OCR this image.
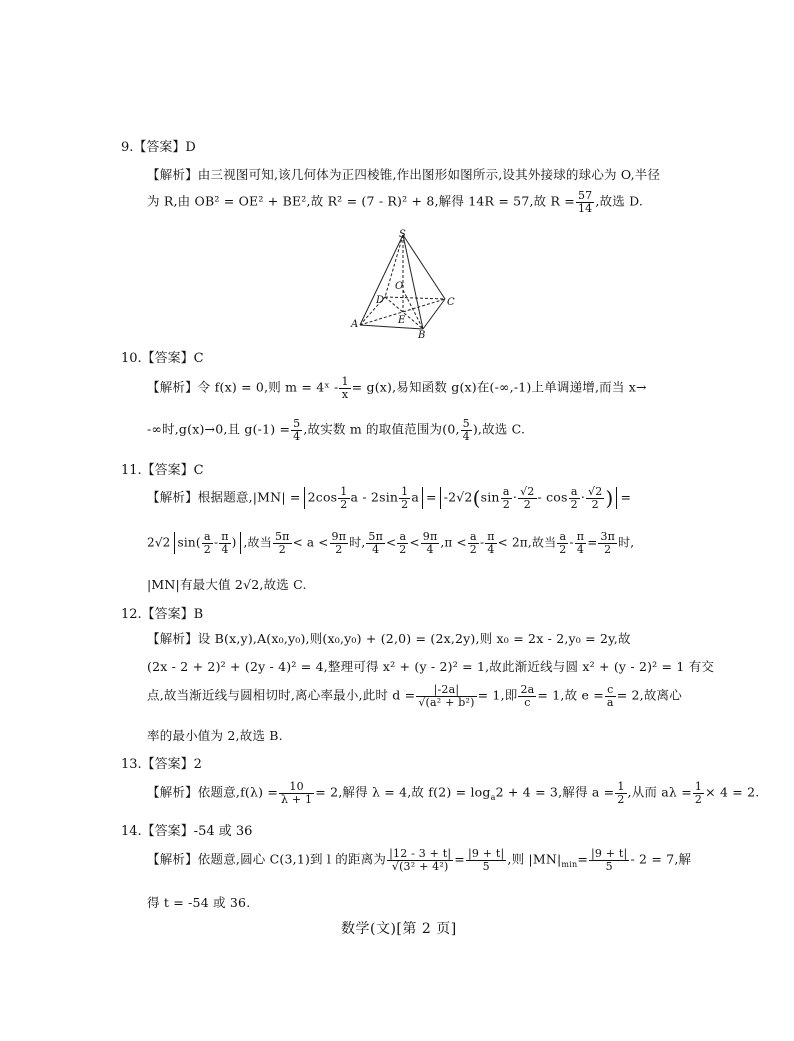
9.【答案】D
【解析】由三视图可知,该几何体为正四棱锥,作出图形如图所示,设其外接球的球心为 O,半径
为 R,由 OB² = OE² + BE²,故 R² = (7 - R)² + 8,解得 14R = 57,故 $R = \frac{57}{14}$ ,故选 D.
S
O
D	C
E
A
B
10.【答案】C
【解析】令 f(x) = 0,则 m = 4ˣ - $\frac{1}{x} = g(x)$,易知函数 g(x)在(-∞,-1)上单调递增,而当 x→
-∞时,g(x)→0,且 $g(-1) = \frac{5}{4}$ ,故实数 m 的取值范围为(0, $\frac{5}{4}$ ),故选 C.
11.【答案】C
【解析】根据题意$,|MN| = 2\cos \frac{1}{2}$ a - $2\sin \frac{1}{2}$ $a = -2√2(\sin \frac{a}{2} \cdot \frac{√2}{2} - \cos \frac{a}{2} \cdot \frac{√2}{2}$ ) =
2√2 $\sin( \frac{a}{2} - \frac{\pi}{4}$ ) ,故当 $\frac{5\pi}{2} < a < \frac{9\pi}{2}$ 时, $\frac{5\pi}{4} < \frac{a}{2} < \frac{9\pi}{4} ,\pi < \frac{a}{2} - \frac{\pi}{4} < 2\pi$,故当 $\frac{a}{2} - \frac{\pi}{4} = \frac{3\pi}{2}$ 时,
|MN|有最大值 2√2,故选 C.
12.【答案】B
【解析】设 B(x,y),A(x₀,y₀),则(x₀,y₀) + (2,0) = (2x,2y),则 x₀ = 2x - 2,y₀ = 2y,故
(2x - 2 + 2)² + (2y - 4)² = 4,整理可得 x² + (y - 2)² = 1,故此渐近线与圆 x² + (y - 2)² = 1 有交
点,故当渐近线与圆相切时,离心率最小,此时 $d = \frac{|-2a|}{\text{√(a² + b²)}} = 1$,即 $\frac{2a}{c} = 1$,故 $e = \frac{c}{a} = 2$,故离心
率的最小值为 2,故选 B.
13.【答案】2
【解析】依题意$,f(\lambda) = \frac{10}{\lambda + 1} = 2$,解得 λ = 4,故 $f(2) = \log_a2 + 4 = 3$,解得 $a = \frac{1}{2}$ ,从而 $a\lambda = \frac{1}{2} \times 4 = 2$.
14.【答案】-54 或 36
【解析】依题意,圆心 C(3,1)到 l 的距离为 $\frac{|12 - 3 + t|}{\text{√(3² + 4²)}} = \frac{|9 + t|}{5}$ ,则 $|MN|_{min}= \frac{|9 + t|}{5} - 2 = 7$,解
得 t = -54 或 36.
数学(文)[第 2 页]
